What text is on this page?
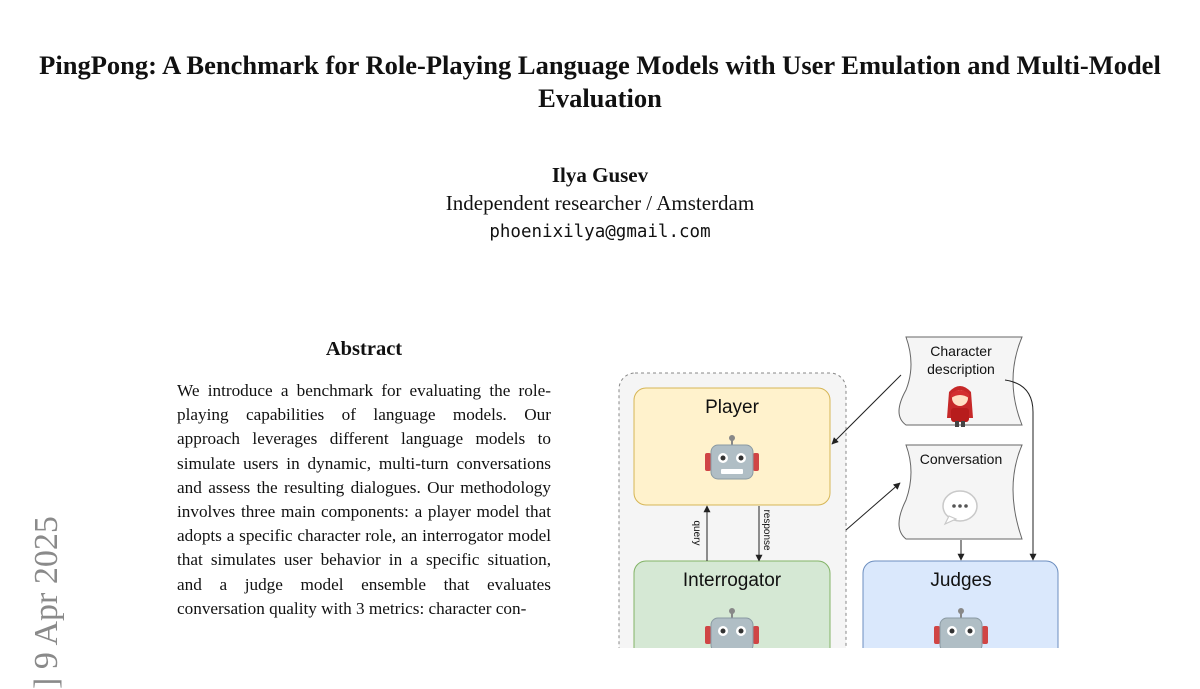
PingPong: A Benchmark for Role-Playing Language Models with User Emulation and Multi-Model Evaluation
Ilya Gusev
Independent researcher / Amsterdam
phoenixilya@gmail.com
] 9 Apr 2025
Abstract
We introduce a benchmark for evaluating the role-playing capabilities of language models. Our approach leverages different language models to simulate users in dynamic, multi-turn conversations and assess the resulting dialogues. Our methodology involves three main components: a player model that adopts a specific character role, an interrogator model that simulates user behavior in a specific situation, and a judge model ensemble that evaluates conversation quality with 3 metrics: character con-
Player
Interrogator
query	response
Judges
Character
description
Conversation
